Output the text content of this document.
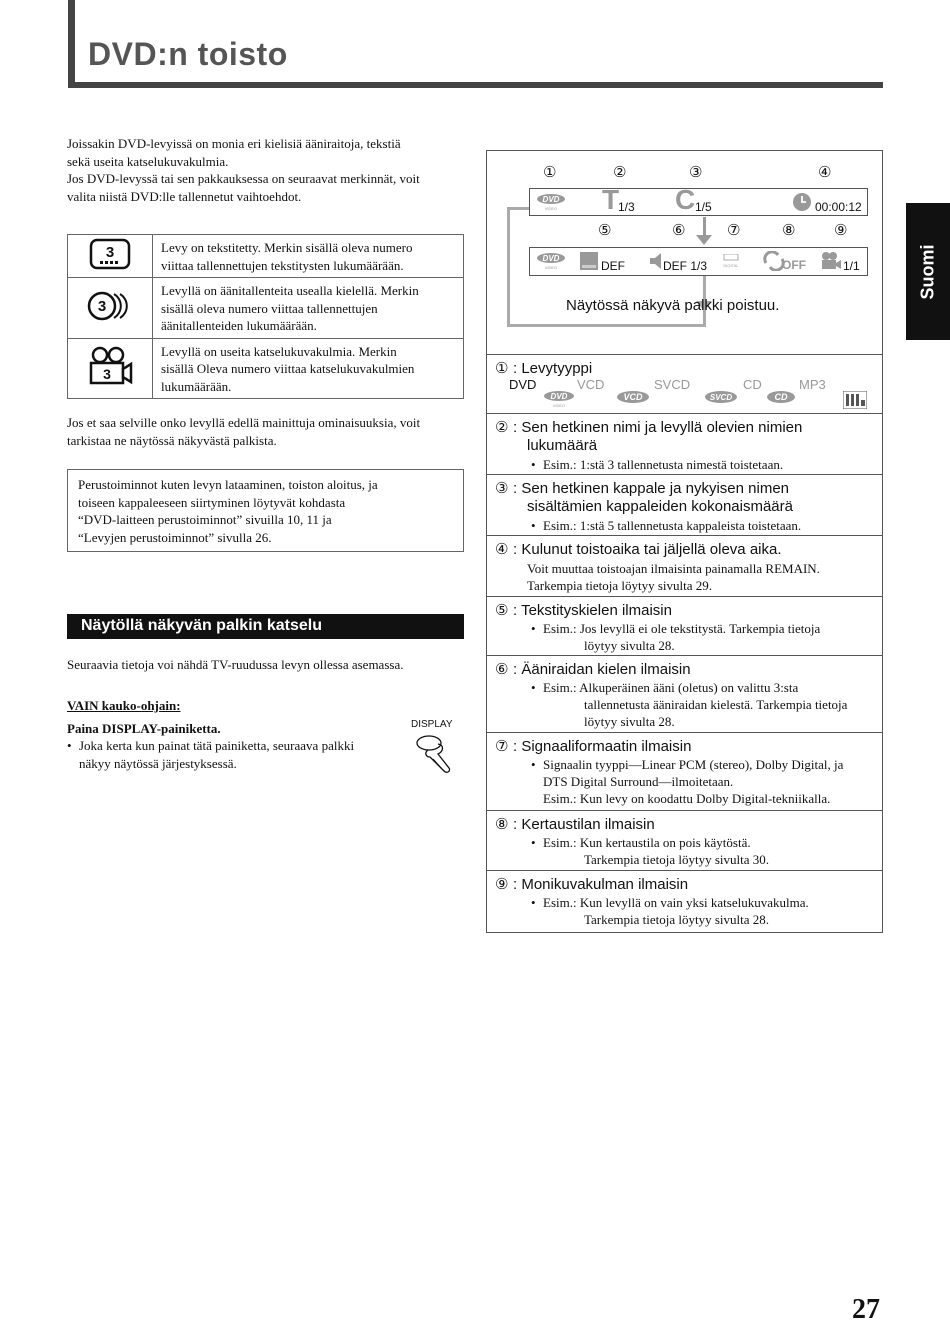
DVD:n toisto
Suomi
Joissakin DVD-levyissä on monia eri kielisiä ääniraitoja, tekstiä
sekä useita katselukuvakulmia.
Jos DVD-levyssä tai sen pakkauksessa on seuraavat merkinnät, voit
valita niistä DVD:lle tallennetut vaihtoehdot.
3	Levy on tekstitetty. Merkin sisällä oleva numero
viittaa tallennettujen tekstitysten lukumäärään.

3	Levyllä on äänitallenteita usealla kielellä. Merkin
sisällä oleva numero viittaa tallennettujen
äänitallenteiden lukumäärään.

3	Levyllä on useita katselukuvakulmia. Merkin
sisällä Oleva numero viittaa katselukuvakulmien
lukumäärään.
Jos et saa selville onko levyllä edellä mainittuja ominaisuuksia, voit
tarkistaa ne näytössä näkyvästä palkista.
Perustoiminnot kuten levyn lataaminen, toiston aloitus, ja
toiseen kappaleeseen siirtyminen löytyvät kohdasta
“DVD-laitteen perustoiminnot” sivuilla 10, 11 ja
“Levyjen perustoiminnot” sivulla 26.
Näytöllä näkyvän palkin katselu
Seuraavia tietoja voi nähdä TV-ruudussa levyn ollessa asemassa.
VAIN kauko-ohjain:
Paina DISPLAY-painiketta.
• Joka kerta kun painat tätä painiketta, seuraava palkki
näkyy näytössä järjestyksessä.
DISPLAY
①	②	③	④
DVD
VIDEO T
1/3 C 1/5	00:00:12
⑤	⑥	⑦	⑧	⑨
DVD
VIDEO	DEF	DEF 1/3	DIGITAL	OFF	1/1
Näytössä näkyvä palkki poistuu.
① : Levytyyppi
DVD	VCD	SVCD	CD	MP3
DVD
VIDEO
VCD	SVCD	CD
② : Sen hetkinen nimi ja levyllä olevien nimien
lukumäärä
• Esim.: 1:stä 3 tallennetusta nimestä toistetaan.
③ : Sen hetkinen kappale ja nykyisen nimen
sisältämien kappaleiden kokonaismäärä
• Esim.: 1:stä 5 tallennetusta kappaleista toistetaan.
④ : Kulunut toistoaika tai jäljellä oleva aika.
Voit muuttaa toistoajan ilmaisinta painamalla REMAIN.
Tarkempia tietoja löytyy sivulta 29.
⑤ : Tekstityskielen ilmaisin
• Esim.: Jos levyllä ei ole tekstitystä. Tarkempia tietoja
löytyy sivulta 28.
⑥ : Ääniraidan kielen ilmaisin
• Esim.: Alkuperäinen ääni (oletus) on valittu 3:sta
tallennetusta ääniraidan kielestä. Tarkempia tietoja
löytyy sivulta 28.
⑦ : Signaaliformaatin ilmaisin
• Signaalin tyyppi—Linear PCM (stereo), Dolby Digital, ja
DTS Digital Surround—ilmoitetaan.
Esim.: Kun levy on koodattu Dolby Digital-tekniikalla.
⑧ : Kertaustilan ilmaisin
• Esim.: Kun kertaustila on pois käytöstä.
Tarkempia tietoja löytyy sivulta 30.
⑨ : Monikuvakulman ilmaisin
• Esim.: Kun levyllä on vain yksi katselukuvakulma.
Tarkempia tietoja löytyy sivulta 28.
27
